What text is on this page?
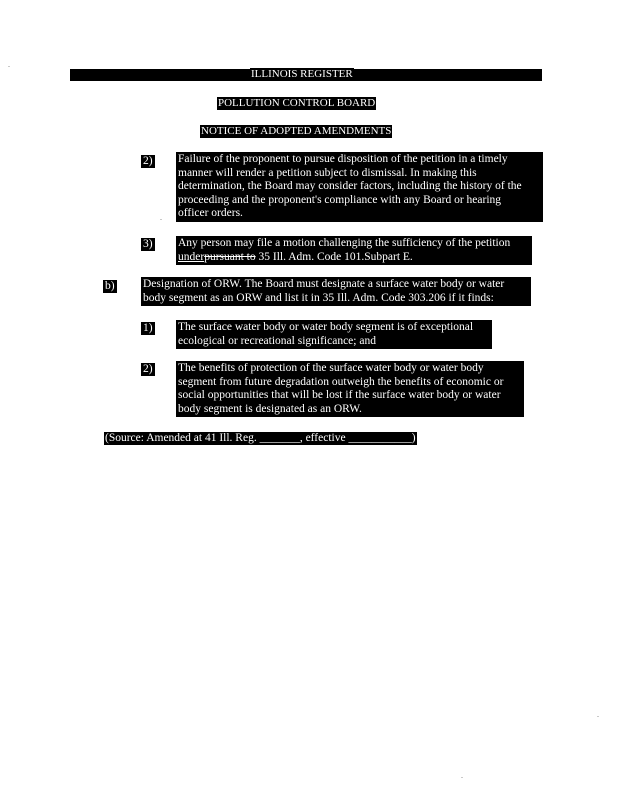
ILLINOIS REGISTER
POLLUTION CONTROL BOARD
NOTICE OF ADOPTED AMENDMENTS
2) Failure of the proponent to pursue disposition of the petition in a timely
manner will render a petition subject to dismissal. In making this
determination, the Board may consider factors, including the history of the
proceeding and the proponent's compliance with any Board or hearing
officer orders.
3) Any person may file a motion challenging the sufficiency of the petition
underpursuant to 35 Ill. Adm. Code 101.Subpart E.
b) Designation of ORW. The Board must designate a surface water body or water
body segment as an ORW and list it in 35 Ill. Adm. Code 303.206 if it finds:
1) The surface water body or water body segment is of exceptional
ecological or recreational significance; and
2) The benefits of protection of the surface water body or water body
segment from future degradation outweigh the benefits of economic or
social opportunities that will be lost if the surface water body or water
body segment is designated as an ORW.
(Source: Amended at 41 Ill. Reg. _______, effective ___________)
